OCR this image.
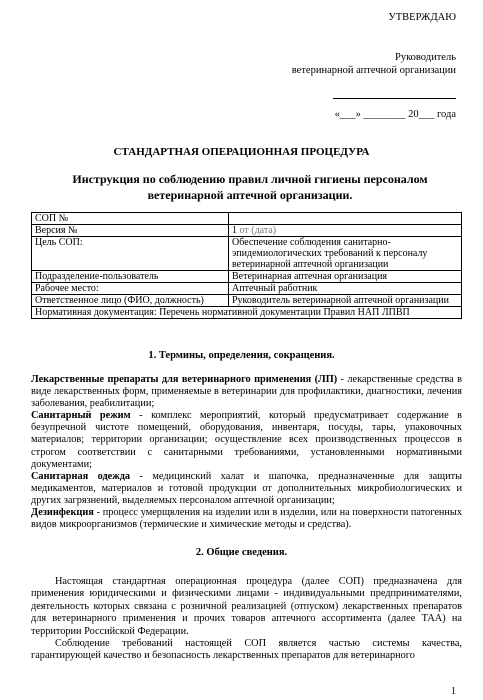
УТВЕРЖДАЮ
Руководитель
ветеринарной аптечной организации
«___» ________ 20___ года
СТАНДАРТНАЯ ОПЕРАЦИОННАЯ ПРОЦЕДУРА
Инструкция по соблюдению правил личной гигиены персоналом ветеринарной аптечной организации.
СОП №	
Версия №	1 от (дата)
Цель СОП:	Обеспечение соблюдения санитарно-эпидемиологических требований к персоналу ветеринарной аптечной организации
Подразделение-пользователь	Ветеринарная аптечная организация
Рабочее место:	Аптечный работник
Ответственное лицо (ФИО, должность)	Руководитель ветеринарной аптечной организации
Нормативная документация: Перечень нормативной документации Правил НАП ЛПВП	
1. Термины, определения, сокращения.

Лекарственные препараты для ветеринарного применения (ЛП) - лекарственные средства в виде лекарственных форм, применяемые в ветеринарии для профилактики, диагностики, лечения заболевания, реабилитации;

Санитарный режим - комплекс мероприятий, который предусматривает содержание в безупречной чистоте помещений, оборудования, инвентаря, посуды, тары, упаковочных материалов; территории организации; осуществление всех производственных процессов в строгом соответствии с санитарными требованиями, установленными нормативными документами;

Санитарная одежда - медицинский халат и шапочка, предназначенные для защиты медикаментов, материалов и готовой продукции от дополнительных микробиологических и других загрязнений, выделяемых персоналом аптечной организации;

Дезинфекция - процесс умерщвления на изделии или в изделии, или на поверхности патогенных видов микроорганизмов (термические и химические методы и средства).

2. Общие сведения.

Настоящая стандартная операционная процедура (далее СОП) предназначена для применения юридическими и физическими лицами - индивидуальными предпринимателями, деятельность которых связана с розничной реализацией (отпуском) лекарственных препаратов для ветеринарного применения и прочих товаров аптечного ассортимента (далее ТАА) на территории Российской Федерации.

Соблюдение требований настоящей СОП является частью системы качества, гарантирующей качество и безопасность лекарственных препаратов для ветеринарного

1
